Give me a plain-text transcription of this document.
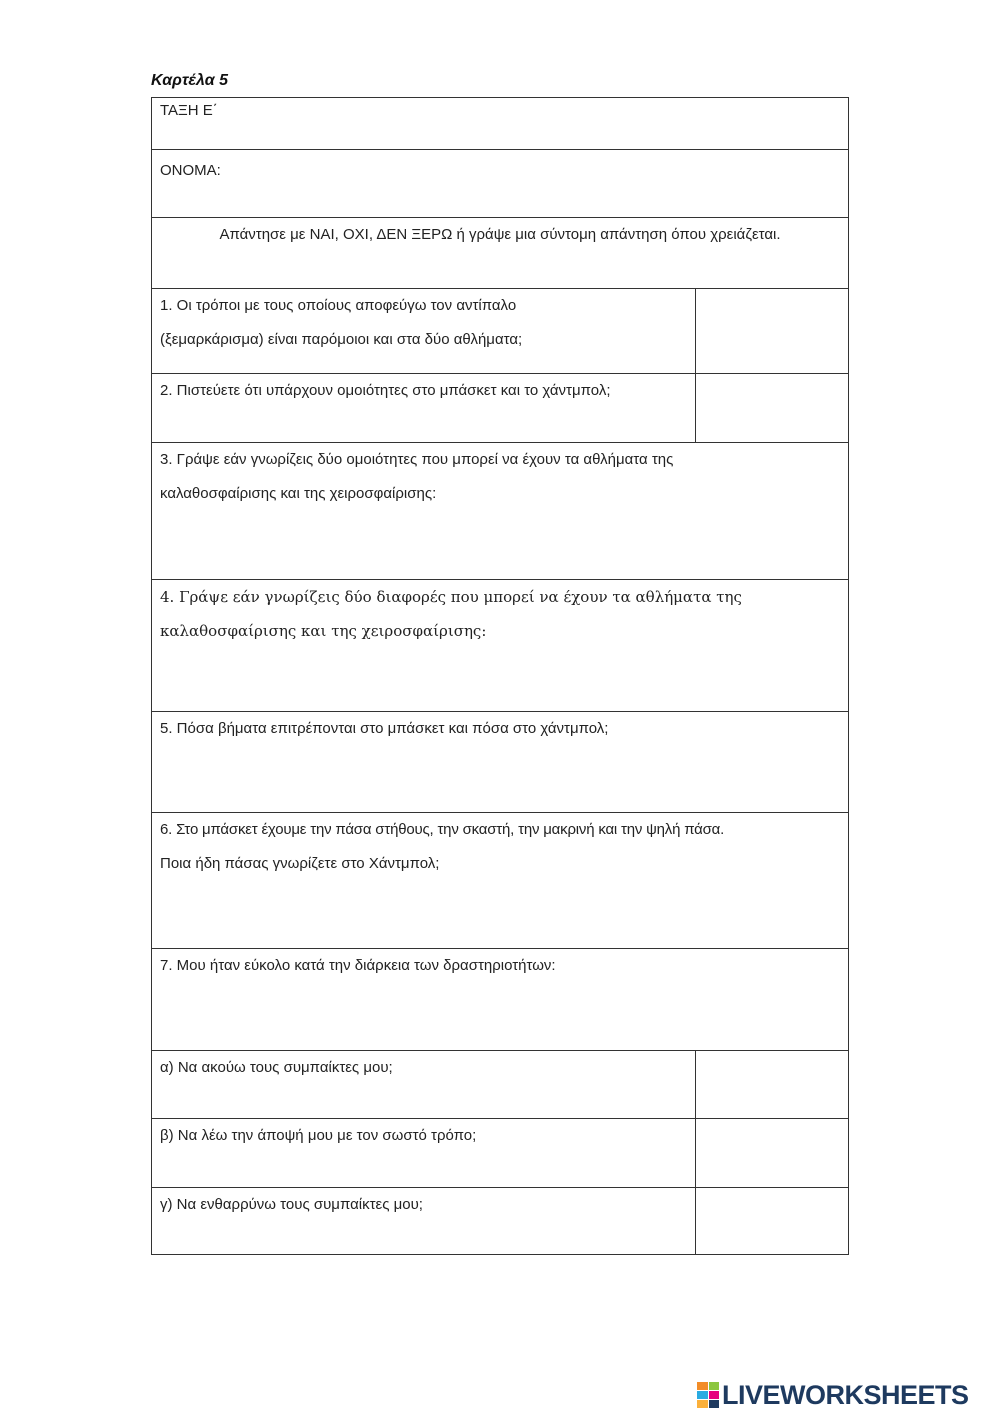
Καρτέλα 5
ΤΑΞΗ Ε΄	
ΟΝΟΜΑ:	
Απάντησε με ΝΑΙ, ΟΧΙ, ΔΕΝ ΞΕΡΩ ή γράψε μια σύντομη απάντηση όπου χρειάζεται.	

1. Οι τρόποι με τους οποίους αποφεύγω τον αντίπαλο
(ξεμαρκάρισμα) είναι παρόμοιοι και στα δύο αθλήματα;	

2. Πιστεύετε ότι υπάρχουν ομοιότητες στο μπάσκετ και το χάντμπολ;	

3. Γράψε εάν γνωρίζεις δύο ομοιότητες που μπορεί να έχουν τα αθλήματα της
καλαθοσφαίρισης και της χειροσφαίρισης:	

4. Γράψε εάν γνωρίζεις δύο διαφορές που μπορεί να έχουν τα αθλήματα της
καλαθοσφαίρισης και της χειροσφαίρισης:	

5. Πόσα βήματα επιτρέπονται στο μπάσκετ και πόσα στο χάντμπολ;	

6. Στο μπάσκετ έχουμε την πάσα στήθους, την σκαστή, την μακρινή και την ψηλή πάσα.
Ποια ήδη πάσας γνωρίζετε στο Χάντμπολ;	

7. Μου ήταν εύκολο κατά την διάρκεια των δραστηριοτήτων:	

α) Να ακούω τους συμπαίκτες μου;	

β) Να λέω την άποψή μου με τον σωστό τρόπο;	

γ) Να ενθαρρύνω τους συμπαίκτες μου;	

LIVEWORKSHEETS
